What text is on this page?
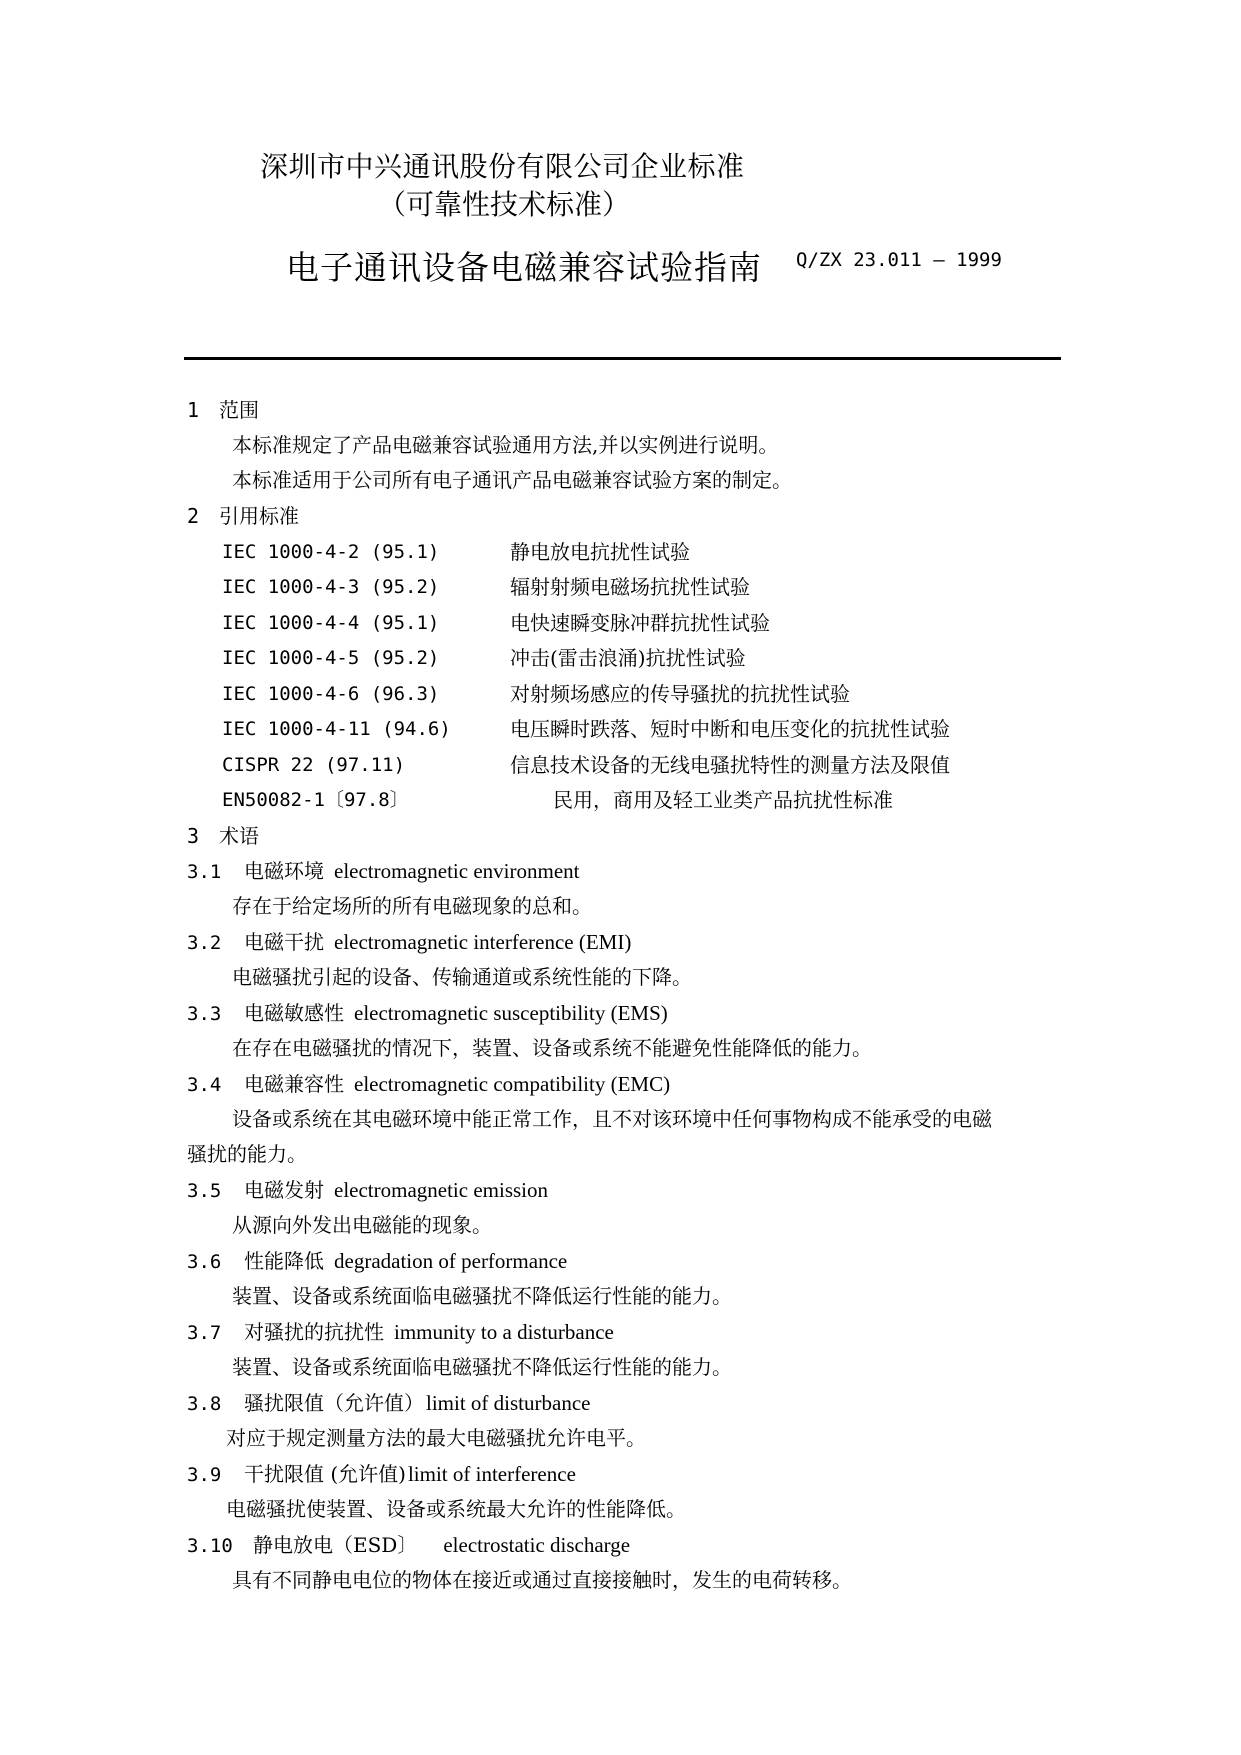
深圳市中兴通讯股份有限公司企业标准
（可靠性技术标准）
电子通讯设备电磁兼容试验指南 Q/ZX 23.011 – 1999
1 范围
本标准规定了产品电磁兼容试验通用方法,并以实例进行说明。
本标准适用于公司所有电子通讯产品电磁兼容试验方案的制定。
2 引用标准
IEC 1000-4-2 (95.1)	静电放电抗扰性试验
IEC 1000-4-3 (95.2)	辐射射频电磁场抗扰性试验
IEC 1000-4-4 (95.1)	电快速瞬变脉冲群抗扰性试验
IEC 1000-4-5 (95.2)	冲击(雷击浪涌)抗扰性试验
IEC 1000-4-6 (96.3)	对射频场感应的传导骚扰的抗扰性试验
IEC 1000-4-11 (94.6)	电压瞬时跌落、短时中断和电压变化的抗扰性试验
CISPR 22 (97.11)	信息技术设备的无线电骚扰特性的测量方法及限值
EN50082-1〔97.8〕	民用，商用及轻工业类产品抗扰性标准
3 术语
3.1 电磁环境 electromagnetic environment
存在于给定场所的所有电磁现象的总和。
3.2 电磁干扰 electromagnetic interference (EMI)
电磁骚扰引起的设备、传输通道或系统性能的下降。
3.3 电磁敏感性 electromagnetic susceptibility (EMS)
在存在电磁骚扰的情况下，装置、设备或系统不能避免性能降低的能力。
3.4 电磁兼容性 electromagnetic compatibility (EMC)
设备或系统在其电磁环境中能正常工作，且不对该环境中任何事物构成不能承受的电磁
骚扰的能力。
3.5 电磁发射 electromagnetic emission
从源向外发出电磁能的现象。
3.6 性能降低 degradation of performance
装置、设备或系统面临电磁骚扰不降低运行性能的能力。
3.7 对骚扰的抗扰性 immunity to a disturbance
装置、设备或系统面临电磁骚扰不降低运行性能的能力。
3.8 骚扰限值（允许值）limit of disturbance
对应于规定测量方法的最大电磁骚扰允许电平。
3.9 干扰限值 (允许值)limit of interference
电磁骚扰使装置、设备或系统最大允许的性能降低。
3.10 静电放电（ESD〕 electrostatic discharge
具有不同静电电位的物体在接近或通过直接接触时，发生的电荷转移。
